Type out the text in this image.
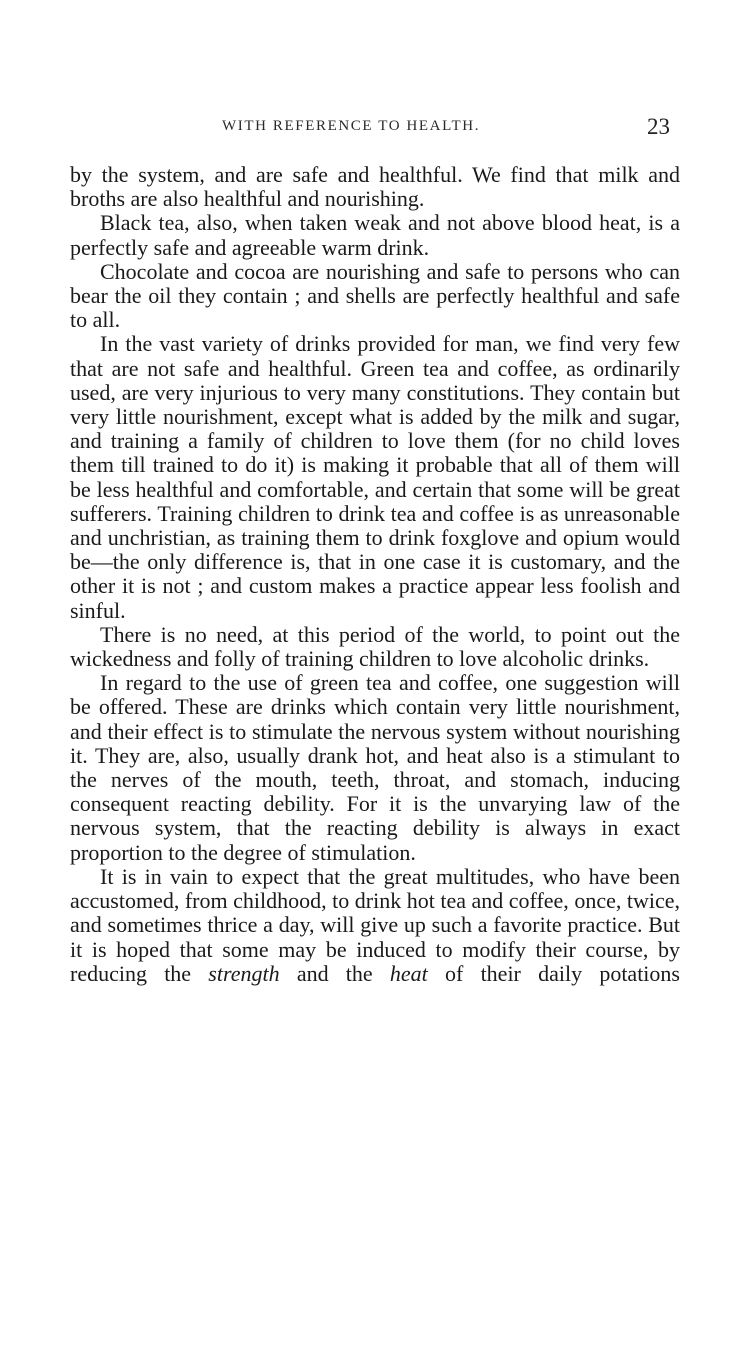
WITH REFERENCE TO HEALTH.	23

by the system, and are safe and healthful. We find that milk and broths are also healthful and nourishing.

Black tea, also, when taken weak and not above blood heat, is a perfectly safe and agreeable warm drink.

Chocolate and cocoa are nourishing and safe to persons who can bear the oil they contain ; and shells are perfectly healthful and safe to all.

In the vast variety of drinks provided for man, we find very few that are not safe and healthful. Green tea and coffee, as ordinarily used, are very injurious to very many constitutions. They contain but very little nourishment, except what is added by the milk and sugar, and training a family of children to love them (for no child loves them till trained to do it) is making it probable that all of them will be less healthful and comfortable, and certain that some will be great sufferers. Training children to drink tea and coffee is as unreasonable and unchristian, as training them to drink foxglove and opium would be—the only difference is, that in one case it is customary, and the other it is not ; and custom makes a practice appear less foolish and sinful.

There is no need, at this period of the world, to point out the wickedness and folly of training children to love alcoholic drinks.

In regard to the use of green tea and coffee, one suggestion will be offered. These are drinks which contain very little nourishment, and their effect is to stimulate the nervous system without nourishing it. They are, also, usually drank hot, and heat also is a stimulant to the nerves of the mouth, teeth, throat, and stomach, inducing consequent reacting debility. For it is the unvarying law of the nervous system, that the reacting debility is always in exact proportion to the degree of stimulation.

It is in vain to expect that the great multitudes, who have been accustomed, from childhood, to drink hot tea and coffee, once, twice, and sometimes thrice a day, will give up such a favorite practice. But it is hoped that some may be induced to modify their course, by reducing the strength and the heat of their daily potations
